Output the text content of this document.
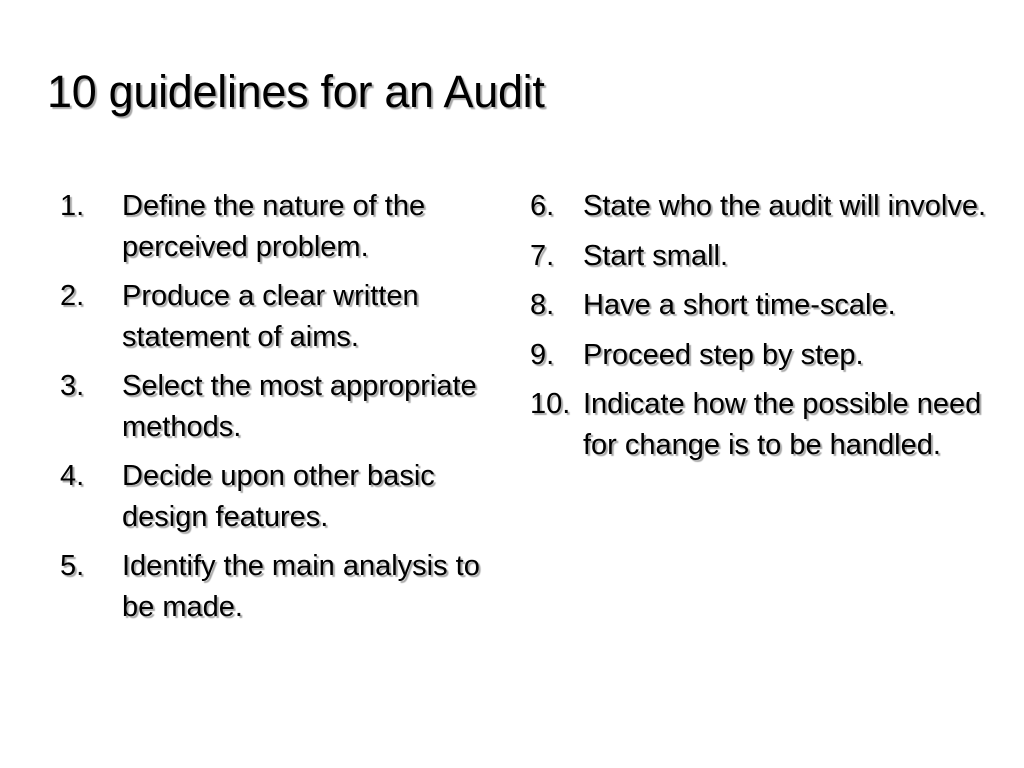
10 guidelines for an Audit
1.	Define the nature of the perceived problem.
2.	Produce a clear written statement of aims.
3.	Select the most appropriate methods.
4.	Decide upon other basic design features.
5.	Identify the main analysis to be made.
6. State who the audit will involve.
7. Start small.
8. Have a short time-scale.
9. Proceed step by step.
10. Indicate how the possible need for change is to be handled.
